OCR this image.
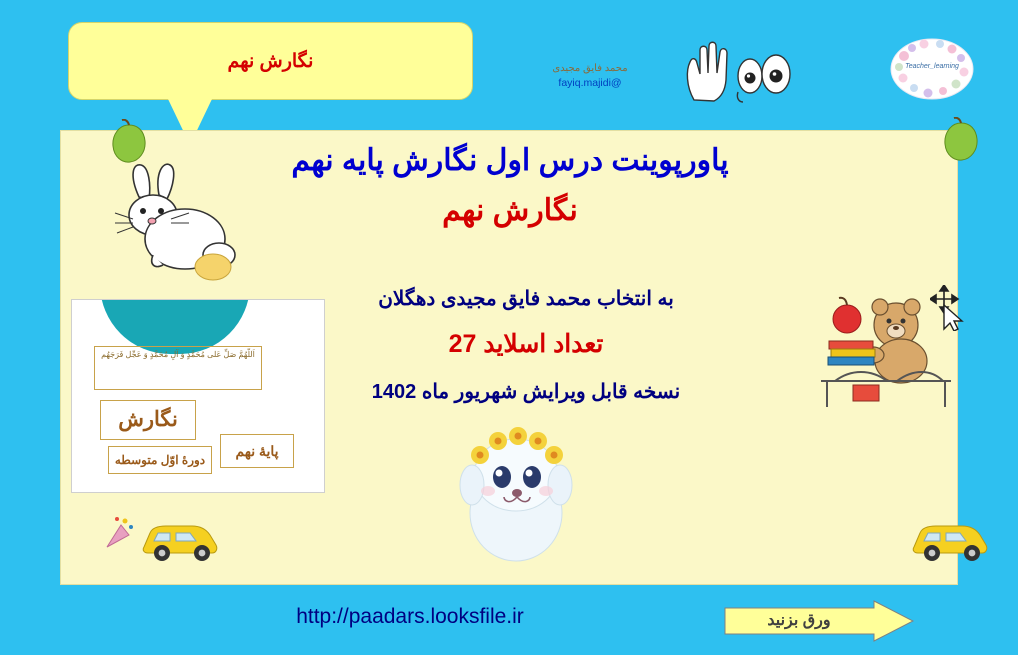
نگارش نهم	محمد فایق مجیدی
fayiq.majidi@
Teacher_learning
پاورپوینت درس اول نگارش پایه نهم
نگارش نهم
به انتخاب محمد فایق مجیدی دهگلان
تعداد اسلاید 27
نسخه قابل ویرایش شهریور ماه 1402
اَللّهُمَّ صَلِّ عَلی مُحَمَّدٍ وَ آلِ مُحَمَّدٍ وَ عَجِّل فَرَجَهُم
نگارش
پایهٔ نهم
دورهٔ اوّل متوسطه
http://paadars.looksfile.ir	ورق بزنید
